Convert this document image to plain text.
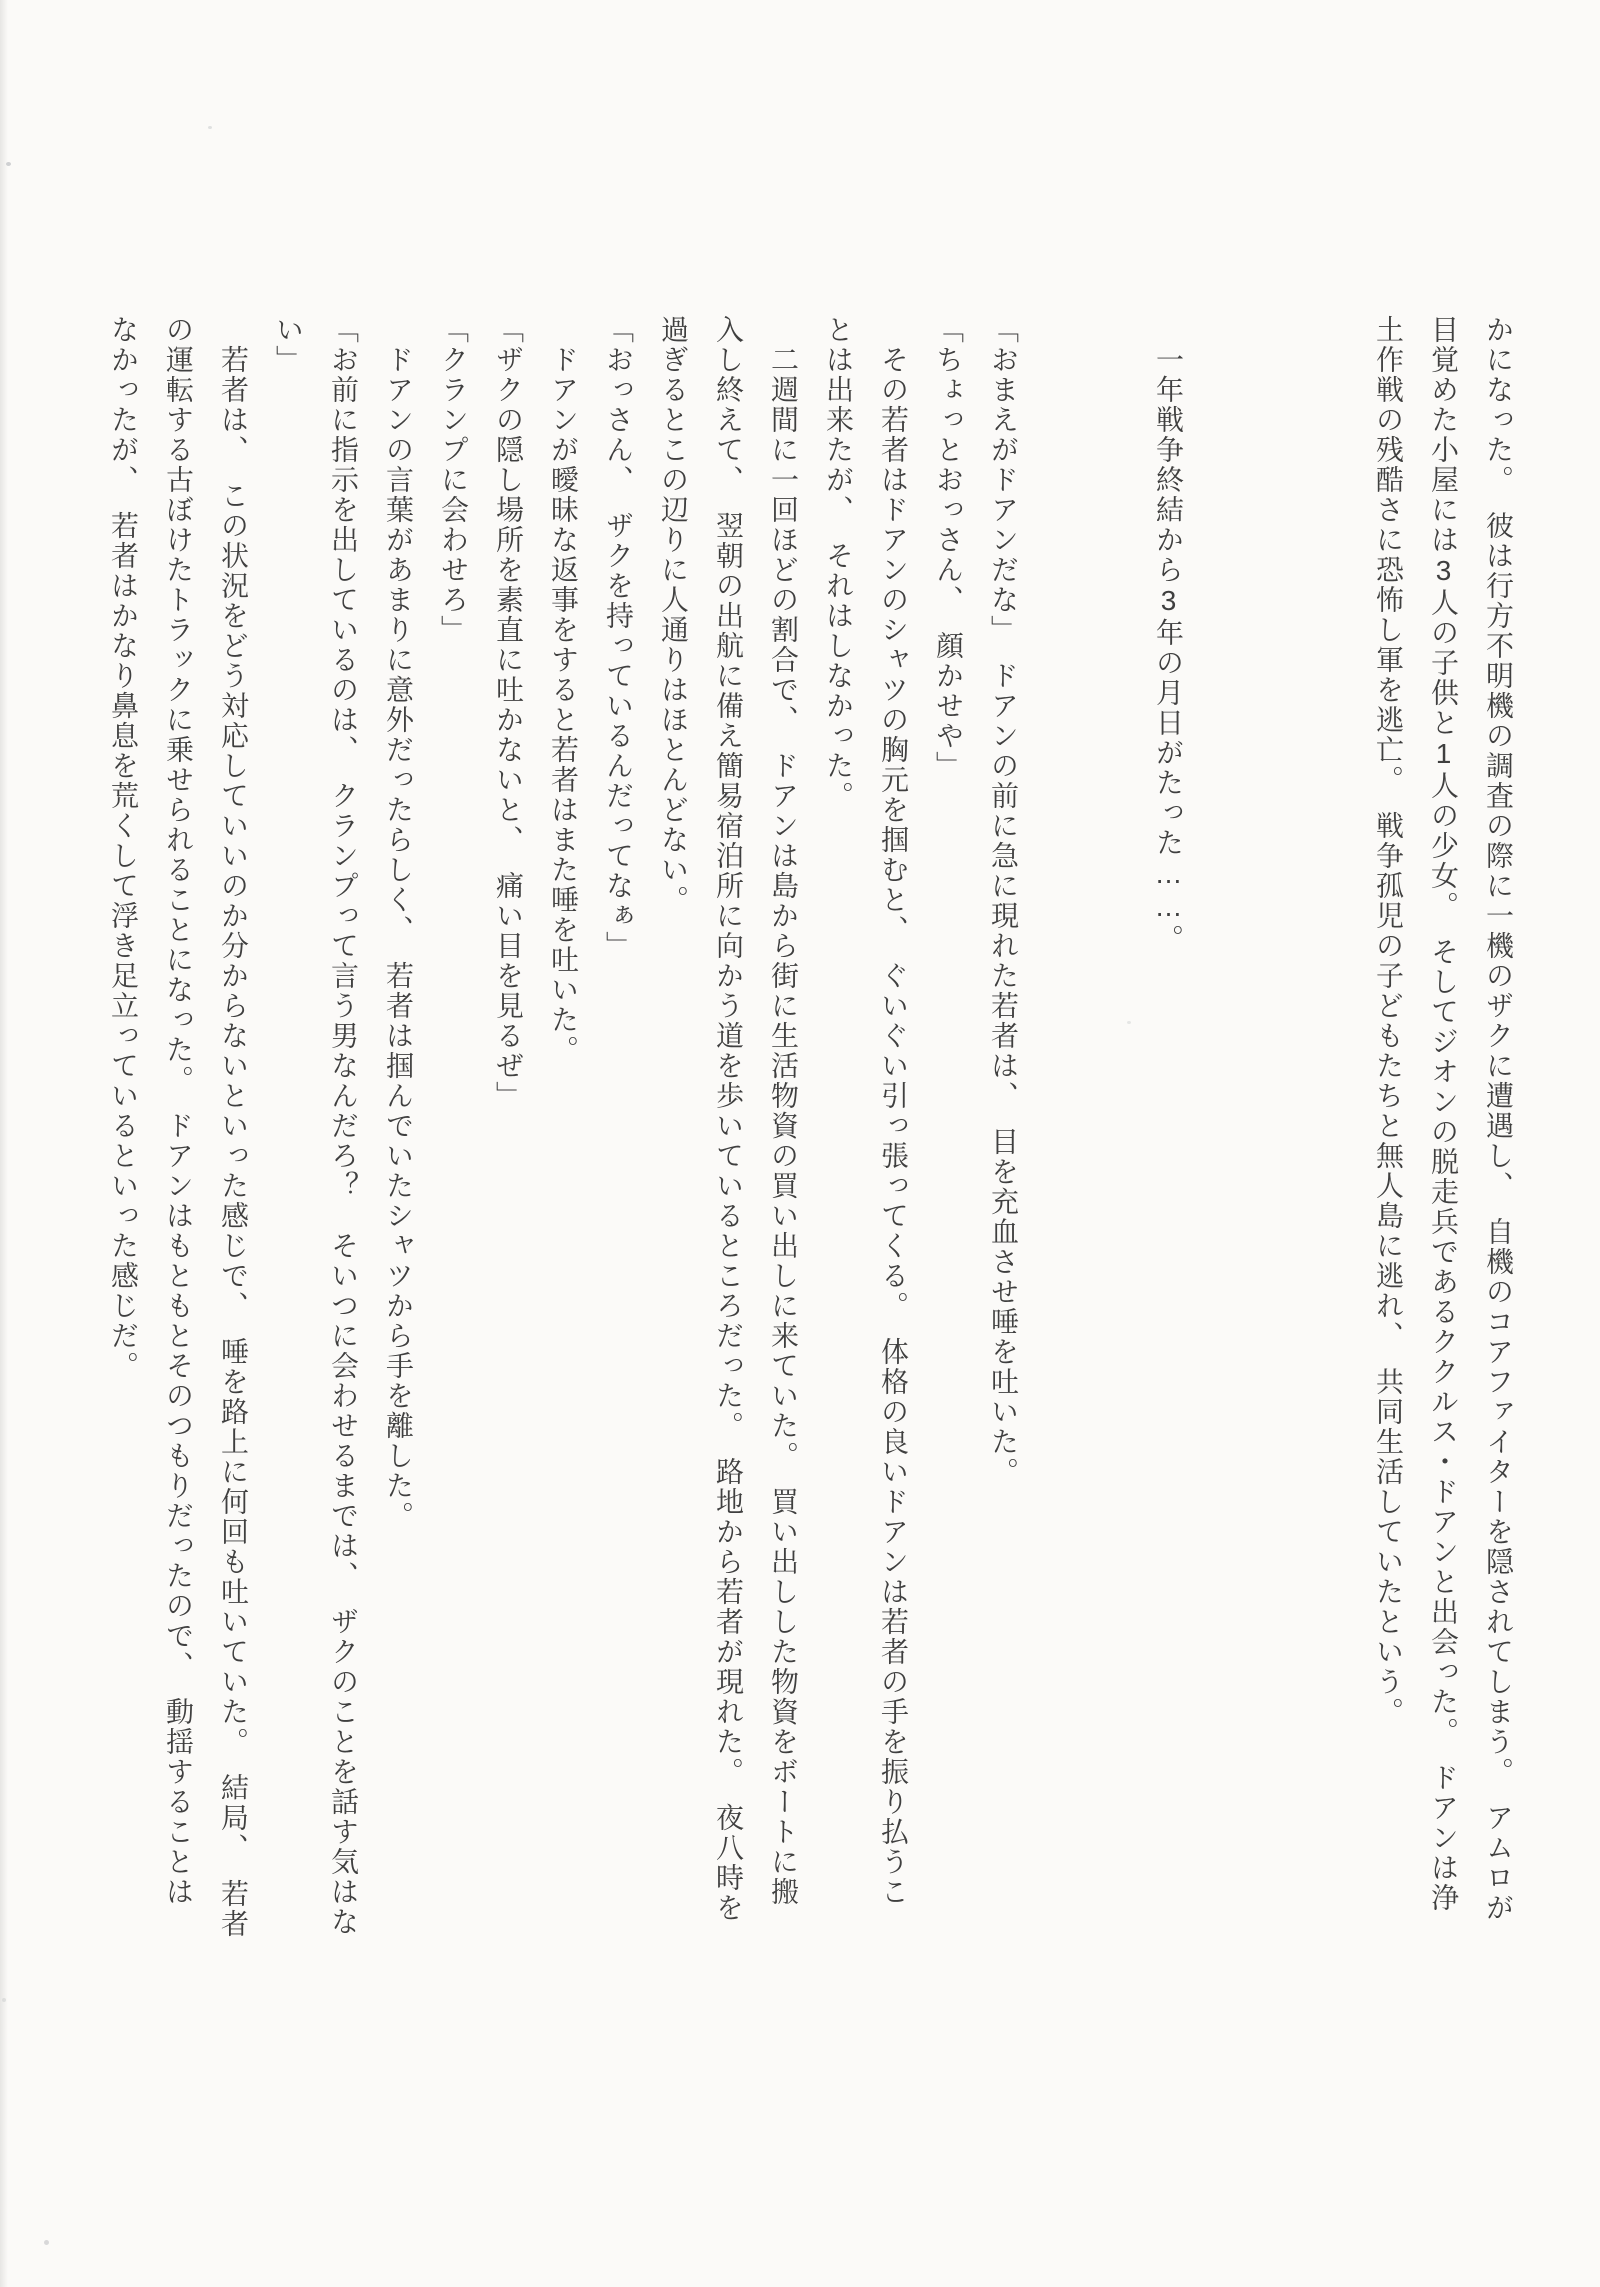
かになった。　彼は行方不明機の調査の際に一機のザクに遭遇し、　自機のコアファイターを隠されてしまう。　アムロが
目覚めた小屋には3人の子供と1人の少女。　そしてジオンの脱走兵であるククルス・ドアンと出会った。　ドアンは浄
土作戦の残酷さに恐怖し軍を逃亡。　戦争孤児の子どもたちと無人島に逃れ、　共同生活していたという。
　一年戦争終結から3年の月日がたった……。
「おまえがドアンだな」　ドアンの前に急に現れた若者は、　目を充血させ唾を吐いた。
「ちょっとおっさん、　顔かせや」
　その若者はドアンのシャツの胸元を掴むと、　ぐいぐい引っ張ってくる。　体格の良いドアンは若者の手を振り払うこ
とは出来たが、　それはしなかった。
　二週間に一回ほどの割合で、　ドアンは島から街に生活物資の買い出しに来ていた。　買い出しした物資をボートに搬
入し終えて、　翌朝の出航に備え簡易宿泊所に向かう道を歩いているところだった。　路地から若者が現れた。　夜八時を
過ぎるとこの辺りに人通りはほとんどない。
「おっさん、　ザクを持っているんだってなぁ」
　ドアンが曖昧な返事をすると若者はまた唾を吐いた。
「ザクの隠し場所を素直に吐かないと、　痛い目を見るぜ」
「クランプに会わせろ」
　ドアンの言葉があまりに意外だったらしく、　若者は掴んでいたシャツから手を離した。
「お前に指示を出しているのは、　クランプって言う男なんだろ？　そいつに会わせるまでは、　ザクのことを話す気はな
い」
　若者は、　この状況をどう対応していいのか分からないといった感じで、　唾を路上に何回も吐いていた。　結局、　若者
の運転する古ぼけたトラックに乗せられることになった。　ドアンはもともとそのつもりだったので、　動揺することは
なかったが、　若者はかなり鼻息を荒くして浮き足立っているといった感じだ。
